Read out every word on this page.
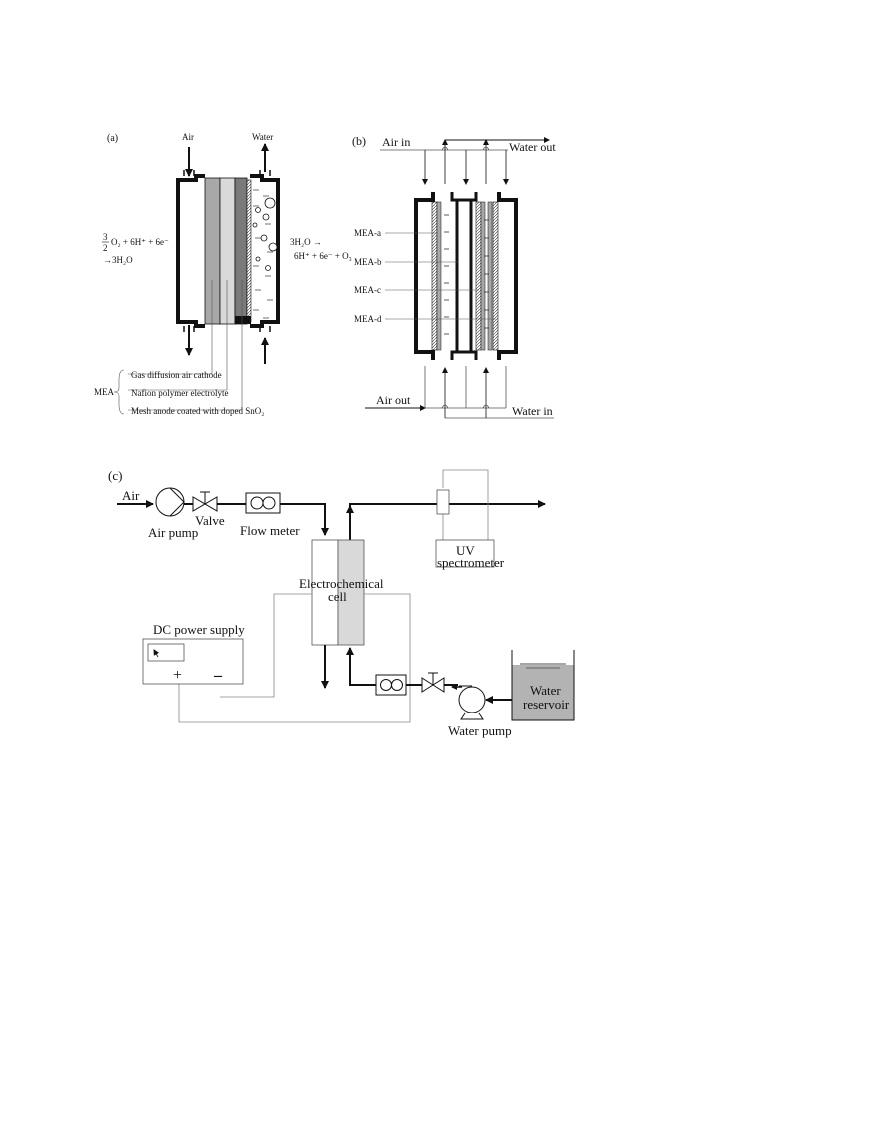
(a)	Air	Water
3
2
O₂ + 6H⁺ + 6e⁻
→3H₂O
3H₂O →
6H⁺ + 6e⁻ + O₃
MEA
Gas diffusion air cathode
Nafion polymer electrolyte
Mesh anode coated with doped SnO₂
(b) Air in	Water out
Air out
Water in
MEA-a
MEA-b
MEA-c
MEA-d
(c)
Air
Air pump
Valve
Flow meter
UV
spectrometer
Electrochemical
cell
DC power supply
+ –
Water pump
Water
reservoir
